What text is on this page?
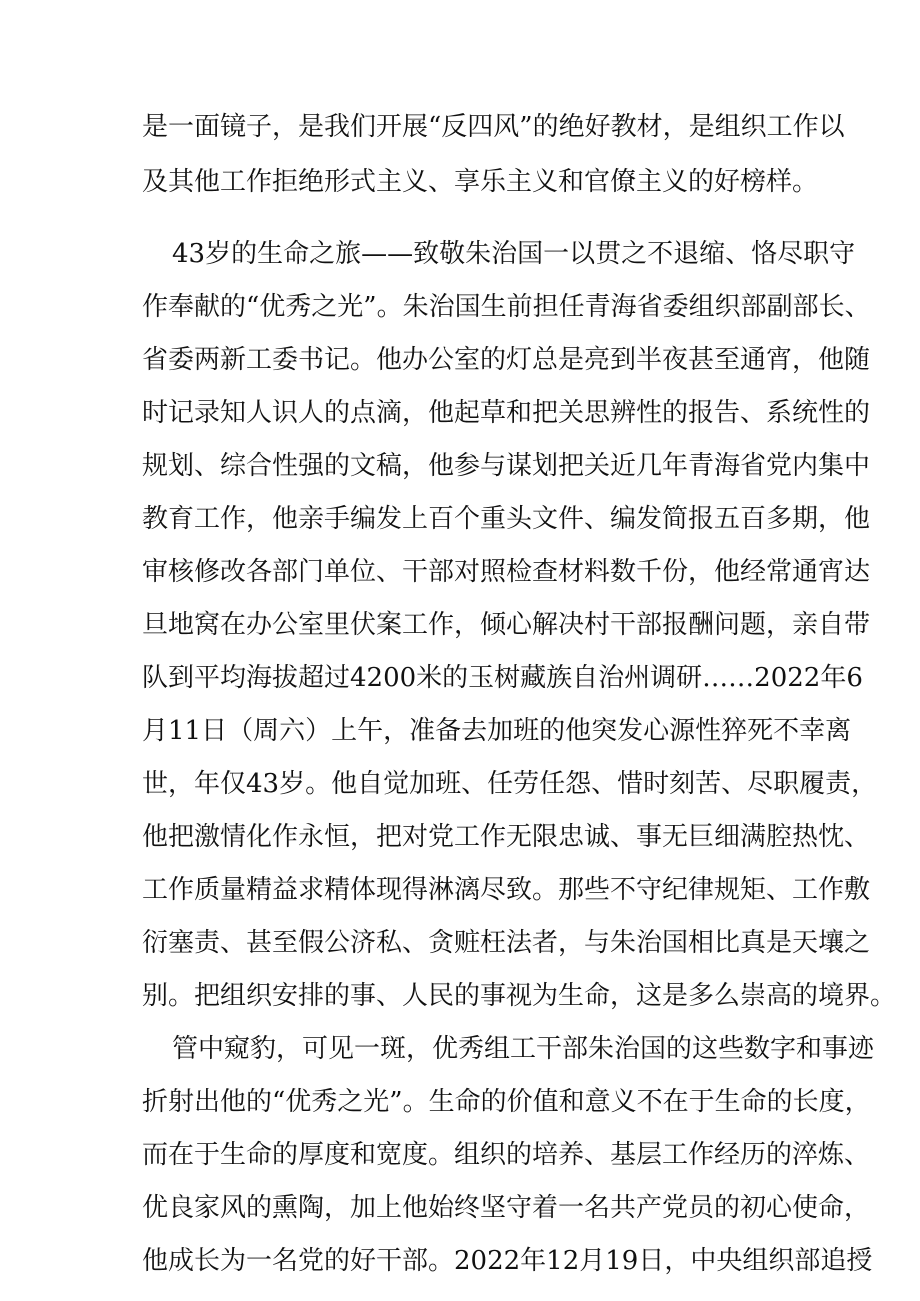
是一面镜子，是我们开展“反四风”的绝好教材，是组织工作以
及其他工作拒绝形式主义、享乐主义和官僚主义的好榜样。
43岁的生命之旅——致敬朱治国一以贯之不退缩、恪尽职守
作奉献的“优秀之光”。朱治国生前担任青海省委组织部副部长、
省委两新工委书记。他办公室的灯总是亮到半夜甚至通宵，他随
时记录知人识人的点滴，他起草和把关思辨性的报告、系统性的
规划、综合性强的文稿，他参与谋划把关近几年青海省党内集中
教育工作，他亲手编发上百个重头文件、编发简报五百多期，他
审核修改各部门单位、干部对照检查材料数千份，他经常通宵达
旦地窝在办公室里伏案工作，倾心解决村干部报酬问题，亲自带
队到平均海拔超过4200米的玉树藏族自治州调研……2022年6
月11日（周六）上午，准备去加班的他突发心源性猝死不幸离
世，年仅43岁。他自觉加班、任劳任怨、惜时刻苦、尽职履责，
他把激情化作永恒，把对党工作无限忠诚、事无巨细满腔热忱、
工作质量精益求精体现得淋漓尽致。那些不守纪律规矩、工作敷
衍塞责、甚至假公济私、贪赃枉法者，与朱治国相比真是天壤之
别。把组织安排的事、人民的事视为生命，这是多么崇高的境界。
管中窥豹，可见一斑，优秀组工干部朱治国的这些数字和事迹
折射出他的“优秀之光”。生命的价值和意义不在于生命的长度，
而在于生命的厚度和宽度。组织的培养、基层工作经历的淬炼、
优良家风的熏陶，加上他始终坚守着一名共产党员的初心使命，
他成长为一名党的好干部。2022年12月19日，中央组织部追授
